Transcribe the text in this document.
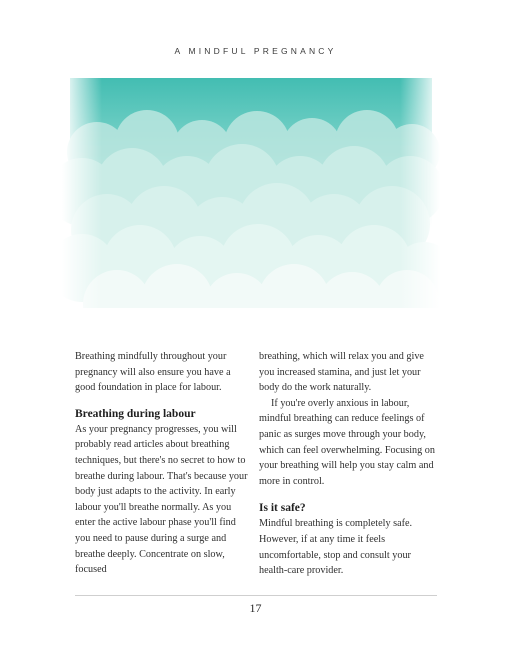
A MINDFUL PREGNANCY

Breathing mindfully throughout your pregnancy will also ensure you have a good foundation in place for labour.

Breathing during labour

As your pregnancy progresses, you will probably read articles about breathing techniques, but there's no secret to how to breathe during labour. That's because your body just adapts to the activity. In early labour you'll breathe normally. As you enter the active labour phase you'll find you need to pause during a surge and breathe deeply. Concentrate on slow, focused

breathing, which will relax you and give you increased stamina, and just let your body do the work naturally.

If you're overly anxious in labour, mindful breathing can reduce feelings of panic as surges move through your body, which can feel overwhelming. Focusing on your breathing will help you stay calm and more in control.

Is it safe?

Mindful breathing is completely safe. However, if at any time it feels uncomfortable, stop and consult your health-care provider.

17
